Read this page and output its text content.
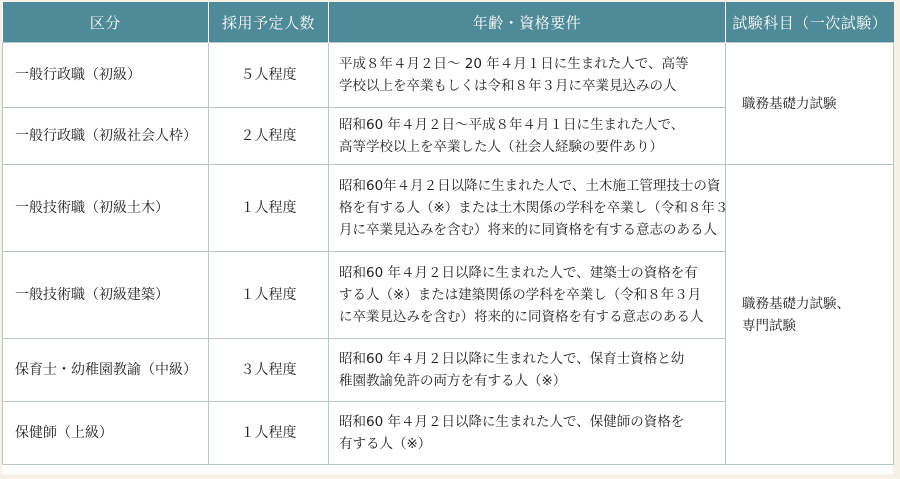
区分	採用予定人数	年齢・資格要件	試験科目（一次試験）
一般行政職（初級）	５人程度	平成８年４月２日～ 20 年４月１日に生まれた人で、高等
学校以上を卒業もしくは令和８年３月に卒業見込みの人	職務基礎力試験

一般行政職（初級社会人枠）	２人程度	昭和60 年４月２日～平成８年４月１日に生まれた人で、
高等学校以上を卒業した人（社会人経験の要件あり）	

一般技術職（初級土木）	１人程度	昭和60年４月２日以降に生まれた人で、土木施工管理技士の資
格を有する人（※）または土木関係の学科を卒業し（令和８年３
月に卒業見込みを含む）将来的に同資格を有する意志のある人	職務基礎力試験、
専門試験

一般技術職（初級建築）	１人程度	昭和60 年４月２日以降に生まれた人で、建築士の資格を有
する人（※）または建築関係の学科を卒業し（令和８年３月
に卒業見込みを含む）将来的に同資格を有する意志のある人	

保育士・幼稚園教諭（中級）	３人程度	昭和60 年４月２日以降に生まれた人で、保育士資格と幼
稚園教諭免許の両方を有する人（※）	

保健師（上級）	１人程度	昭和60 年４月２日以降に生まれた人で、保健師の資格を
有する人（※）	
